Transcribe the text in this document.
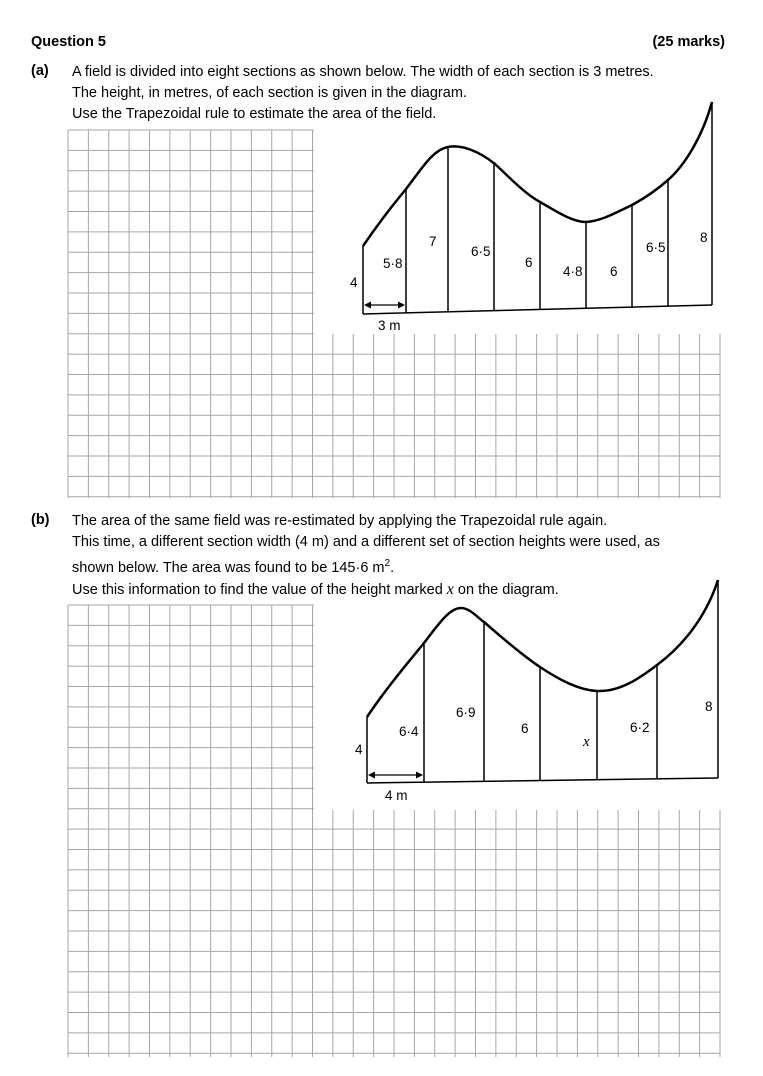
Question 5	(25 marks)
(a) A field is divided into eight sections as shown below. The width of each section is 3 metres.

The height, in metres, of each section is given in the diagram.

Use the Trapezoidal rule to estimate the area of the field.

(b) The area of the same field was re-estimated by applying the Trapezoidal rule again.

This time, a different section width (4 m) and a different set of section heights were used, as

shown below. The area was found to be 145·6 $m^2$.

Use this information to find the value of the height marked x on the diagram.

3 m
4
5·8
7
6·5
6
4·8 6
6·5
8
4 m
4
6·4
6·9
6
x
6·2
8
